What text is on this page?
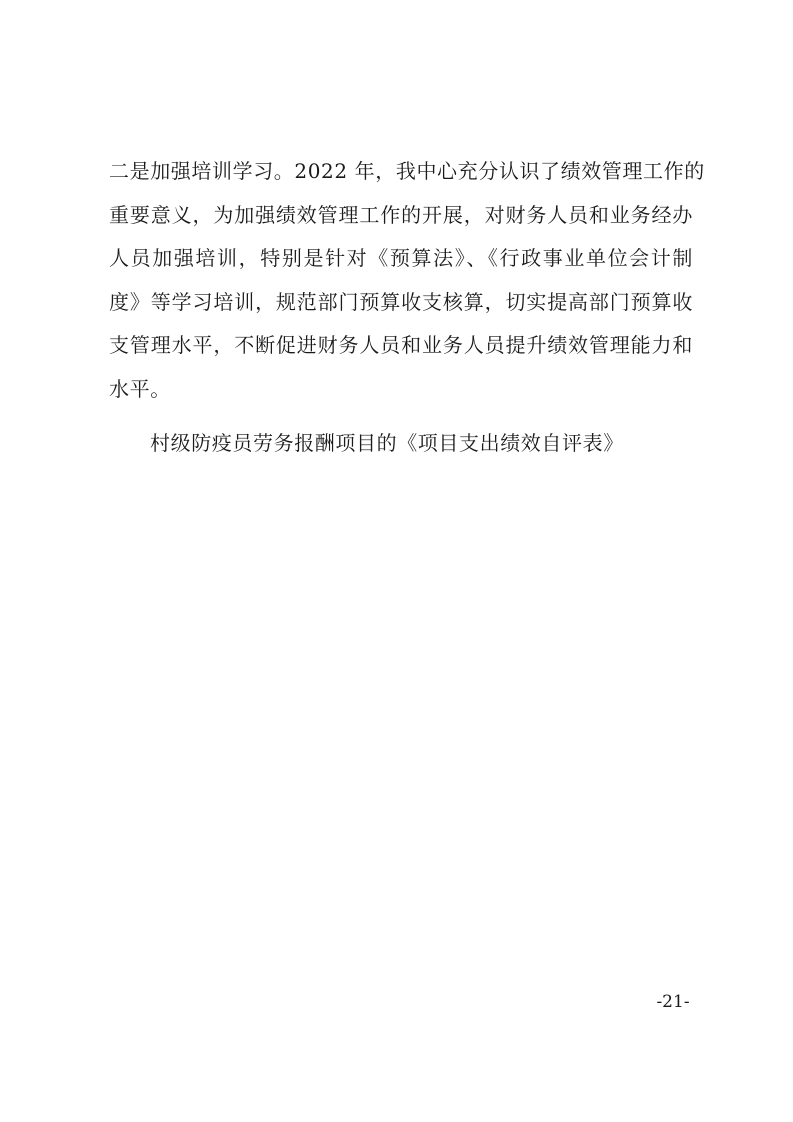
二是加强培训学习。2022 年，我中心充分认识了绩效管理工作的
重要意义，为加强绩效管理工作的开展，对财务人员和业务经办
人员加强培训，特别是针对《预算法》、《行政事业单位会计制
度》等学习培训，规范部门预算收支核算，切实提高部门预算收
支管理水平，不断促进财务人员和业务人员提升绩效管理能力和
水平。

村级防疫员劳务报酬项目的《项目支出绩效自评表》

-21-
